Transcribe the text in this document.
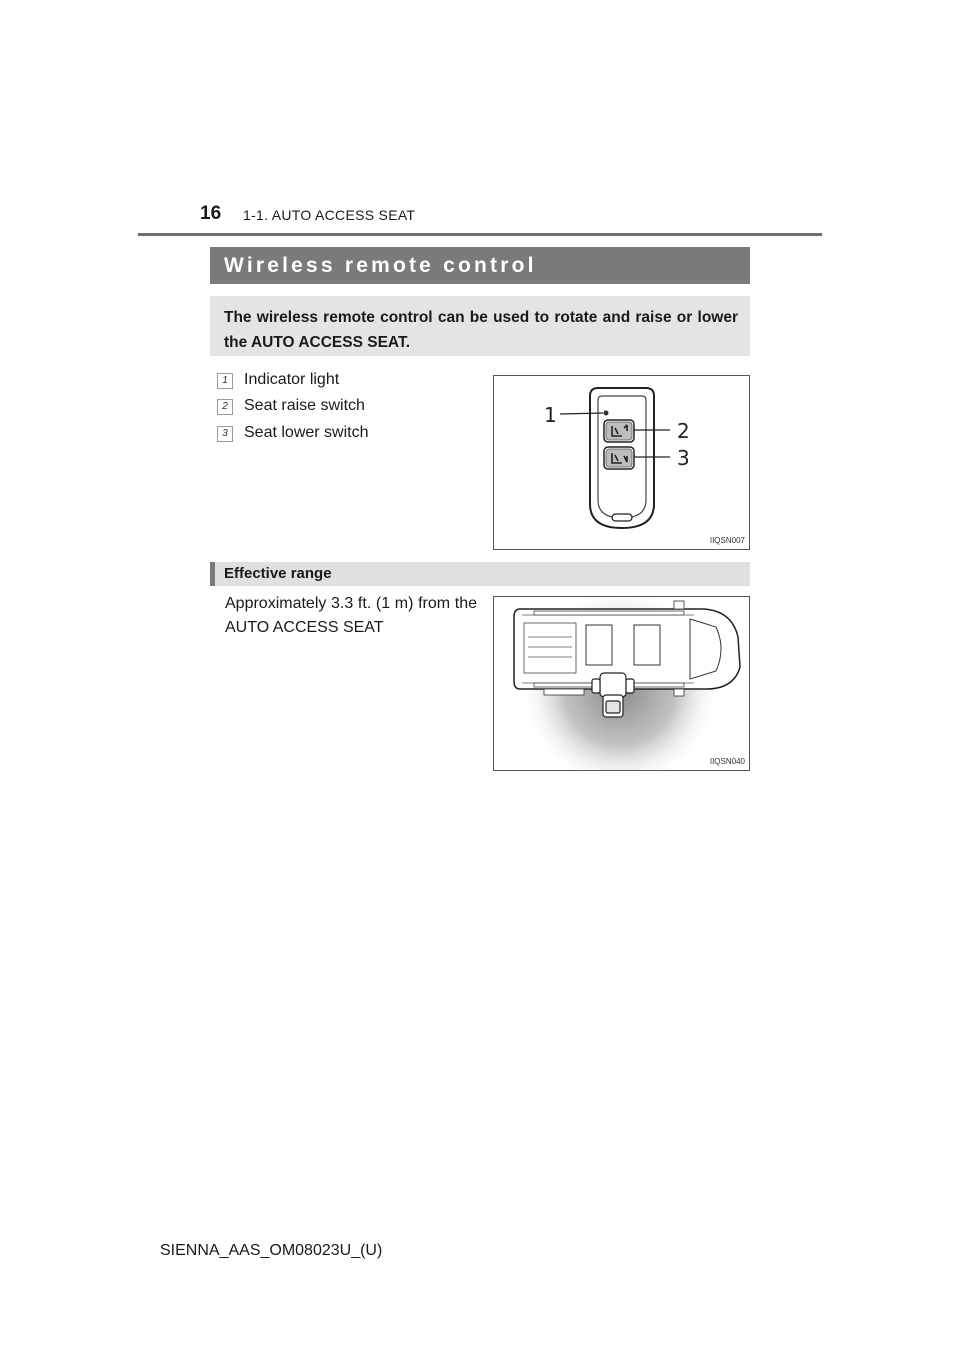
16 1-1. AUTO ACCESS SEAT
Wireless remote control
The wireless remote control can be used to rotate and raise or lower the AUTO ACCESS SEAT.
1 Indicator light
2 Seat raise switch
3 Seat lower switch
1
2
3
IIQSN007
Effective range
Approximately 3.3 ft. (1 m) from the AUTO ACCESS SEAT
IIQSN040
SIENNA_AAS_OM08023U_(U)
